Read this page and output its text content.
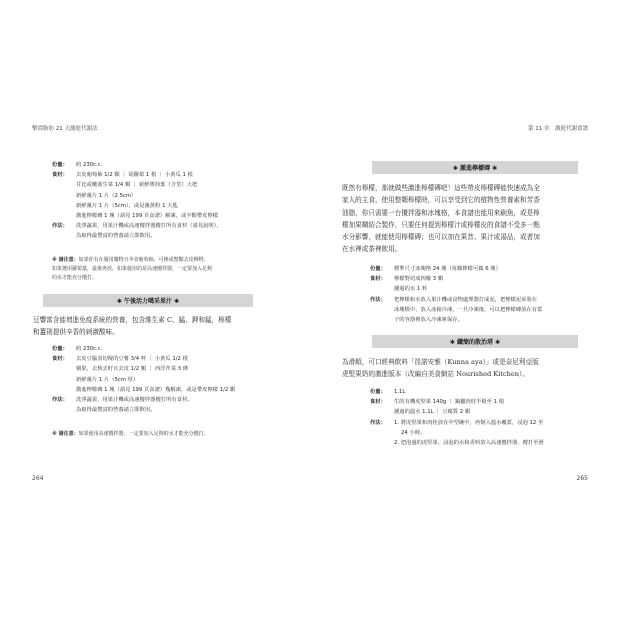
擊潰脂肪 21 天激進代謝法
份量：	約 230c.c.
食材：	去皮葡萄柚 1/2 顆 ｜ 胡蘿蔔 1 根 ｜ 小黃瓜 1 根
甘比或嫩菠生菜 1/4 顆 ｜ 新鮮薄荷葉（含莖）大把
新鮮薑片 1 片（2.5cm）
新鮮薑片 1 片（5cm），或是薑黃粉 1 大匙
激進檸檬磚 1 塊（請見 199 頁食譜）解凍，或半顆帶皮檸檬
作法：	洗淨蔬果，用果汁機或高速攪拌器攪打所有食材（請見說明），
為取得最豐富的營養請立即飲用。
※ 請注意：如果你有在服用藥物且孕食葡萄柚，可換成整顆去皮柳橙。
如果選用蘿蔔葉，最後再放，如果使用的是高速攪拌器，一定要加入足夠
的水才能充分攪打。
✱ 午後活力噶采果汁 ✱
豆響富含能增進免疫系統的營養，包含維生素 C、錳、鉀和錳，檸檬
和薑則提供辛香的刺激酸味。
份量：	約 230c.c.
食材：	去皮豆腦表切塊的豆薯 3/4 杯 ｜ 小黃瓜 1/2 根
蘋果，去核去籽且去皮 1/2 顆 ｜ 西洋芹菜 3 條
新鮮薑片 1 片（5cm 厚）
激進檸檬磚 1 塊（請見 199 頁食譜）幾解凍，或是帶皮檸檬 1/2 顆
作法：	洗淨蔬果，用果汁機或高速攪拌器攪打所有食材。
為取得最豐富的營養請立即飲用。
※ 請注意：如果使用高速攪拌器，一定要加入足夠的水才能充分攪打。
264
第 11 章　激進代謝食譜
265
✱ 激進檸檬磚 ✱
既然有檸檬，那就做些激進檸檬磚吧！這些帶皮檸檬磚能快速成為全
家人的主食，使用整顆檸檬時，可以享受到它的植物性營養素和芳香
油脂，你只需要一台攪拌器和冰塊格，本食譜也能用來刷魚，或是檸
檬加果糊結合製作，只要任何提到檸檬汁或檸檬皮的食譜不受多一點
水分影響，就能使用檸檬磚；也可以加在果昔、果汁或湯品，或者加
在水裡或茶裡飲用。
份量：	標準尺寸冰塊格 24 塊（每顆檸檬可做 6 塊）
食材：	檸檬對切成四瓣 3 顆
濾過的水 1 杯
作法：	把檸檬和水放入果汁機或食物處理器打成泥，把檸檬泥承裝在
冰塊模中，放入冰箱冷凍，一旦冷凍後，可以把檸檬磚放在有蓋
子的容器裡放入冷凍庫保存。
✱ 纖簡的散治塔 ✱
為滑順，可口經典飲料「昆諾安雅（Kunna aya）」或是奈尼利亞版
虎堅果奶的激進版本（改編自美食網站 Nourished Kitchen）。
份量：	1.1L
食材：	生的有機虎堅果 140g ｜ 鍋屬肉桂半根至 1 根
濾過的溫水 1.1L ｜ 豆腐質 2 顆
作法：	1. 將虎堅果和肉桂放在中型碗中，再倒入溫水覆蓋，浸泡 12 至
24 小時。
2. 把泡過的虎堅果、浸泡的水和香料放入高速攪拌器，攪打至滑
